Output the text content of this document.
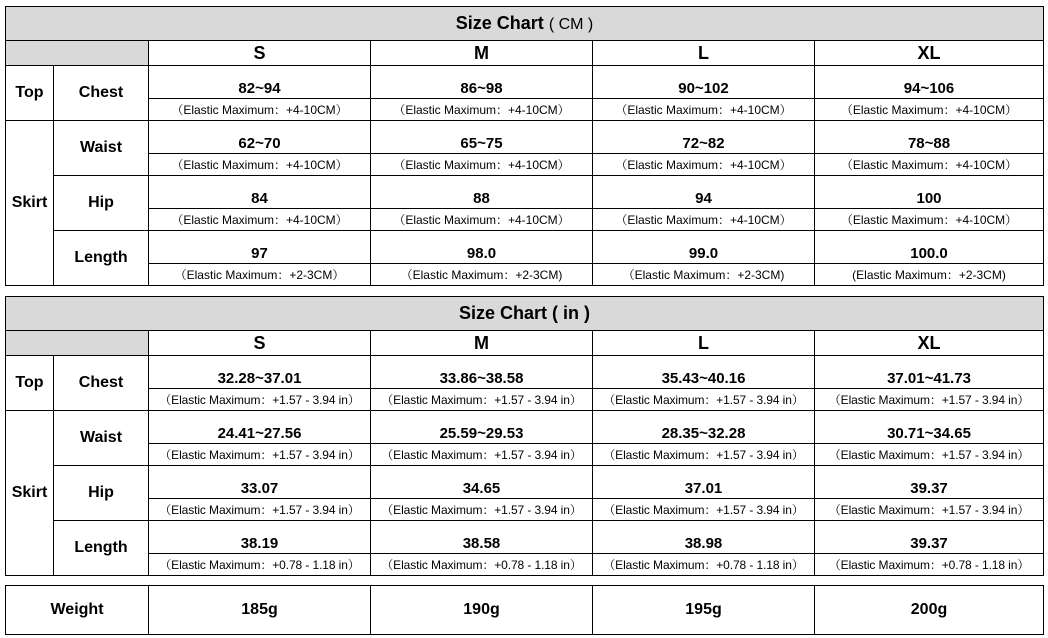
Size Chart ( CM )					
		S	M	L	XL
Top	Chest	82~94	86~98	90~102	94~106
		（Elastic Maximum：+4-10CM）	（Elastic Maximum：+4-10CM）	（Elastic Maximum：+4-10CM）	（Elastic Maximum：+4-10CM）
Skirt	Waist	62~70	65~75	72~82	78~88
		（Elastic Maximum：+4-10CM）	（Elastic Maximum：+4-10CM）	（Elastic Maximum：+4-10CM）	（Elastic Maximum：+4-10CM）
	Hip	84	88	94	100
		（Elastic Maximum：+4-10CM）	（Elastic Maximum：+4-10CM）	（Elastic Maximum：+4-10CM）	（Elastic Maximum：+4-10CM）
	Length	97	98.0	99.0	100.0
		（Elastic Maximum：+2-3CM）	（Elastic Maximum：+2-3CM)	（Elastic Maximum：+2-3CM)	(Elastic Maximum：+2-3CM)
Size Chart ( in )					
		S	M	L	XL
Top	Chest	32.28~37.01	33.86~38.58	35.43~40.16	37.01~41.73
		（Elastic Maximum：+1.57 - 3.94 in）	（Elastic Maximum：+1.57 - 3.94 in）	（Elastic Maximum：+1.57 - 3.94 in）	（Elastic Maximum：+1.57 - 3.94 in）
Skirt	Waist	24.41~27.56	25.59~29.53	28.35~32.28	30.71~34.65
		（Elastic Maximum：+1.57 - 3.94 in）	（Elastic Maximum：+1.57 - 3.94 in）	（Elastic Maximum：+1.57 - 3.94 in）	（Elastic Maximum：+1.57 - 3.94 in）
	Hip	33.07	34.65	37.01	39.37
		（Elastic Maximum：+1.57 - 3.94 in）	（Elastic Maximum：+1.57 - 3.94 in）	（Elastic Maximum：+1.57 - 3.94 in）	（Elastic Maximum：+1.57 - 3.94 in）
	Length	38.19	38.58	38.98	39.37
		（Elastic Maximum：+0.78 - 1.18 in）	（Elastic Maximum：+0.78 - 1.18 in）	（Elastic Maximum：+0.78 - 1.18 in）	（Elastic Maximum：+0.78 - 1.18 in）
Weight	185g	190g	195g	200g
